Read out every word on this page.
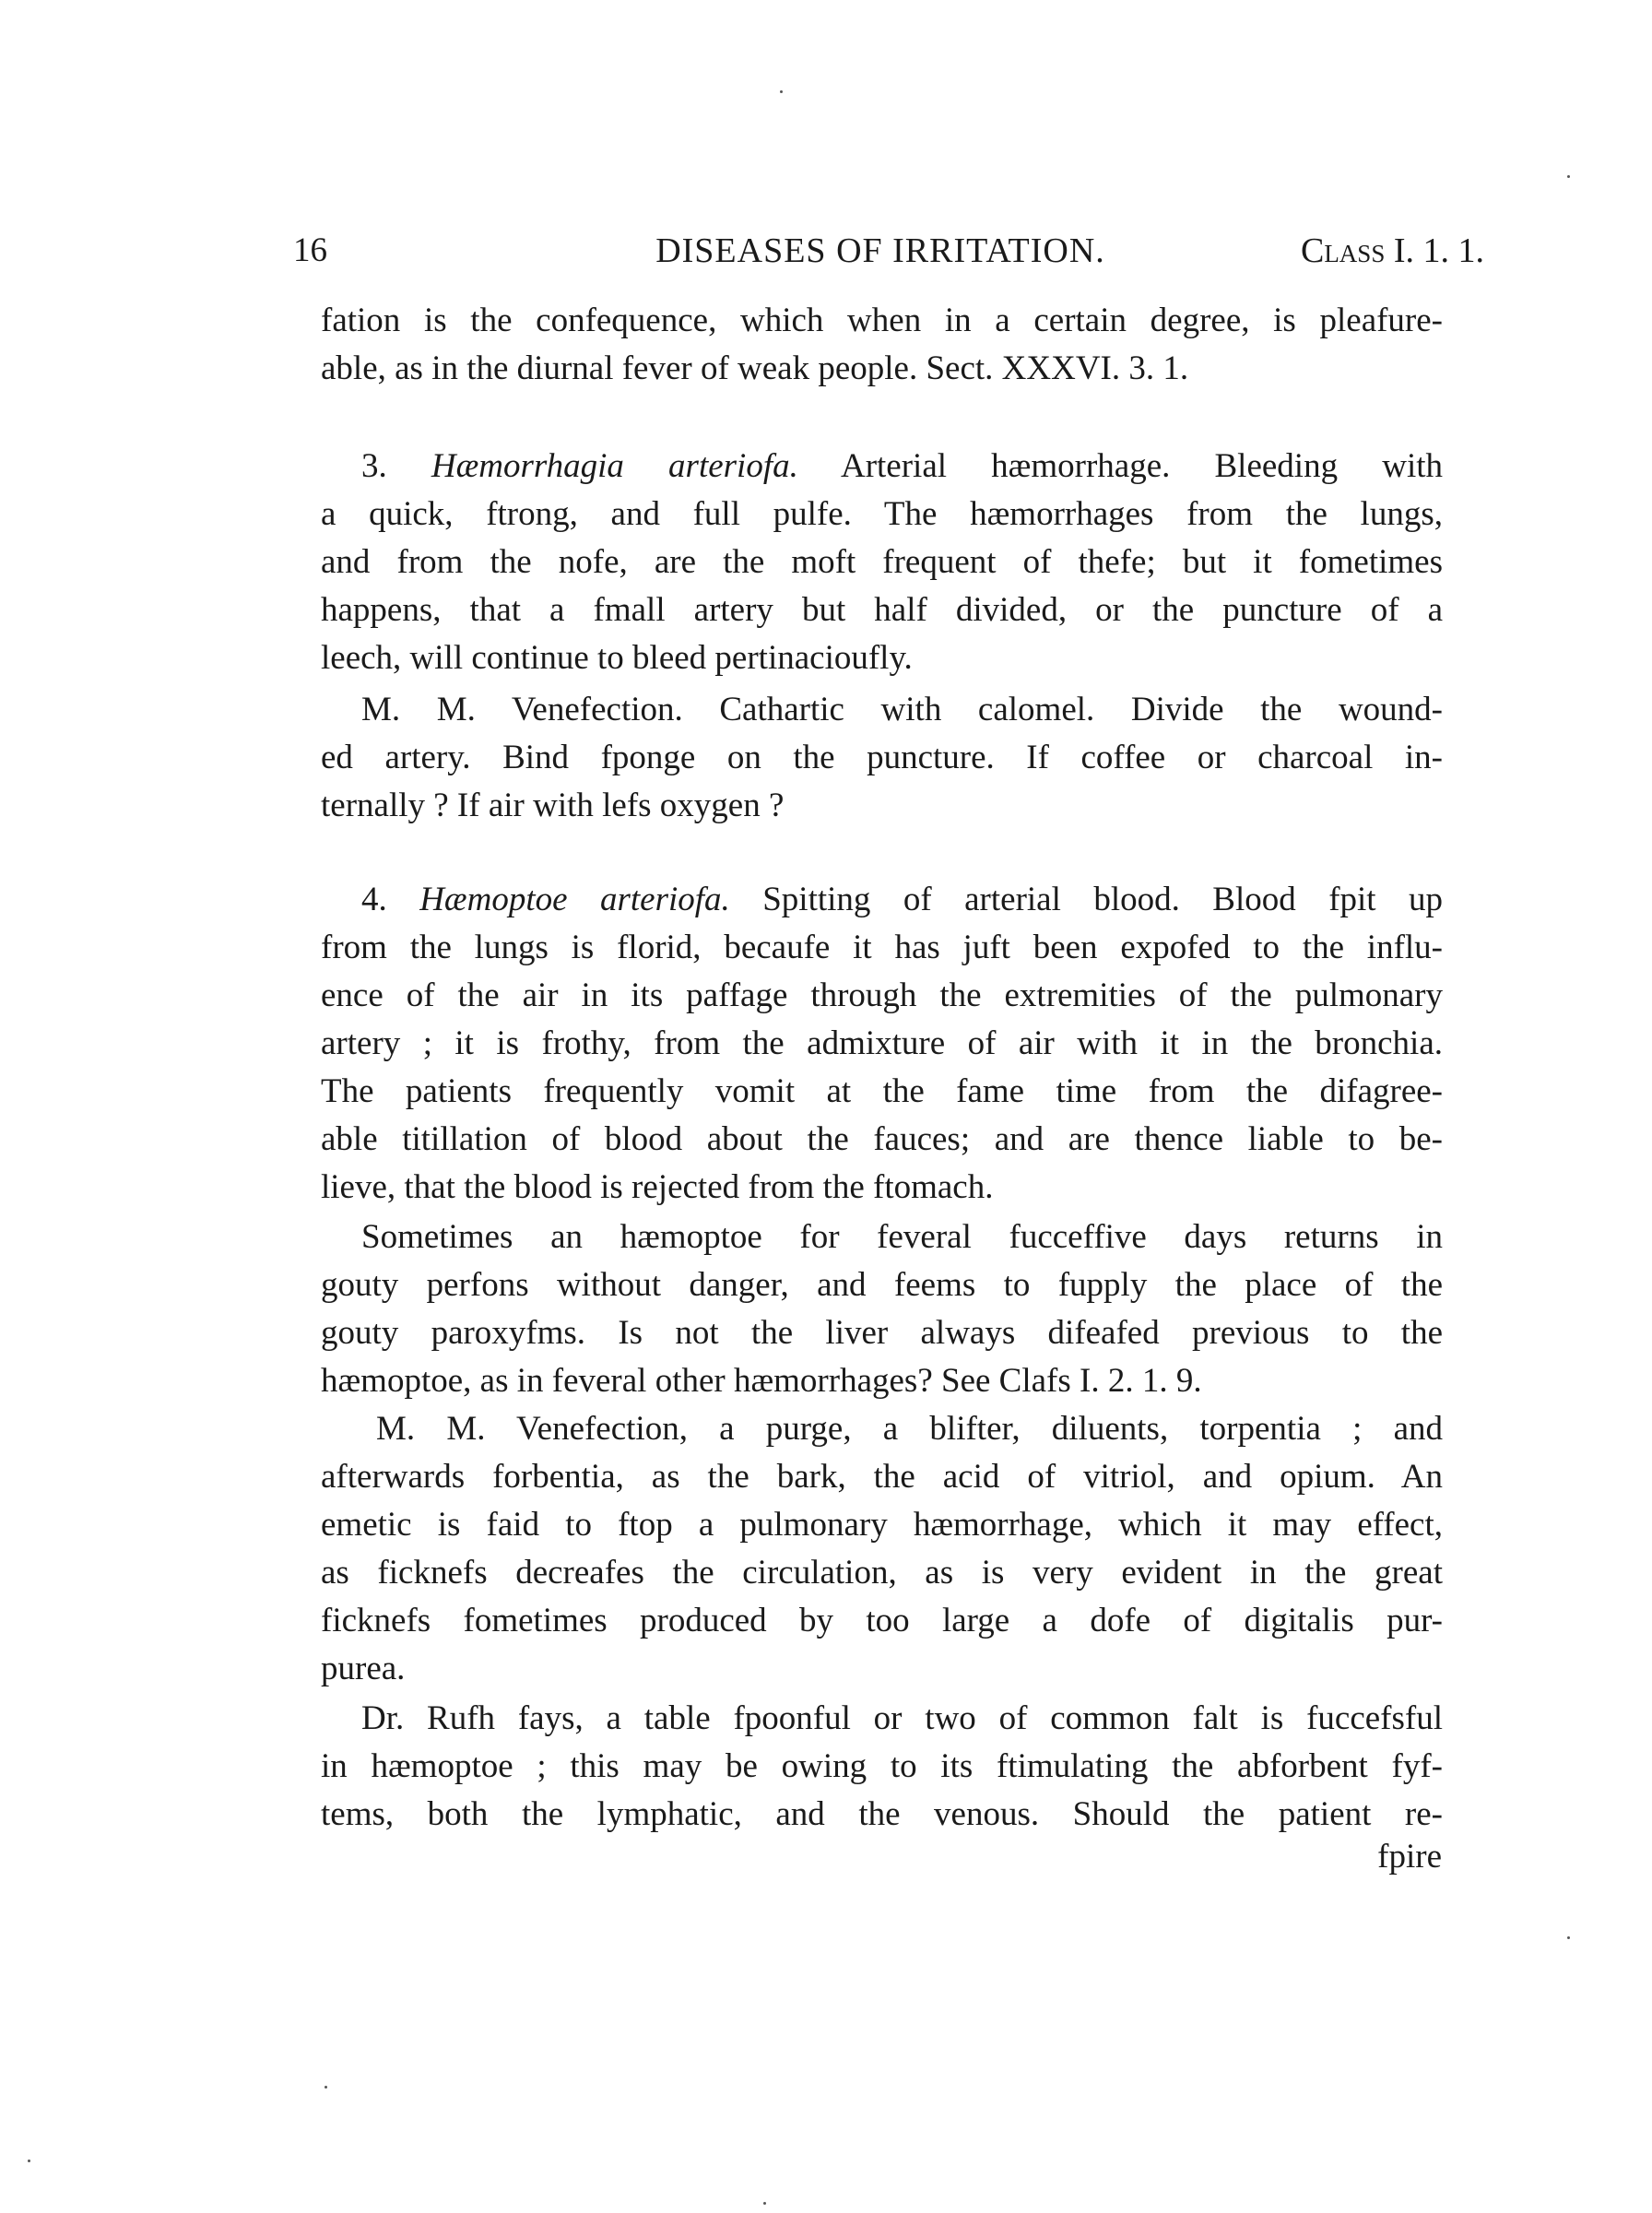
16	DISEASES OF IRRITATION.	Class I. 1. 1.
fation is the confequence, which when in a certain degree, is pleafure-
able, as in the diurnal fever of weak people. Sect. XXXVI. 3. 1.
3. Hæmorrhagia arteriofa. Arterial hæmorrhage. Bleeding with
a quick, ftrong, and full pulfe. The hæmorrhages from the lungs,
and from the nofe, are the moft frequent of thefe; but it fometimes
happens, that a fmall artery but half divided, or the puncture of a
leech, will continue to bleed pertinacioufly.
M. M. Venefection. Cathartic with calomel. Divide the wound-
ed artery. Bind fponge on the puncture. If coffee or charcoal in-
ternally ? If air with lefs oxygen ?
4. Hæmoptoe arteriofa. Spitting of arterial blood. Blood fpit up
from the lungs is florid, becaufe it has juft been expofed to the influ-
ence of the air in its paffage through the extremities of the pulmonary
artery ; it is frothy, from the admixture of air with it in the bronchia.
The patients frequently vomit at the fame time from the difagree-
able titillation of blood about the fauces; and are thence liable to be-
lieve, that the blood is rejected from the ftomach.
Sometimes an hæmoptoe for feveral fucceffive days returns in
gouty perfons without danger, and feems to fupply the place of the
gouty paroxyfms. Is not the liver always difeafed previous to the
hæmoptoe, as in feveral other hæmorrhages? See Clafs I. 2. 1. 9.
M. M. Venefection, a purge, a blifter, diluents, torpentia ; and
afterwards forbentia, as the bark, the acid of vitriol, and opium. An
emetic is faid to ftop a pulmonary hæmorrhage, which it may effect,
as ficknefs decreafes the circulation, as is very evident in the great
ficknefs fometimes produced by too large a dofe of digitalis pur-
purea.
Dr. Rufh fays, a table fpoonful or two of common falt is fuccefsful
in hæmoptoe ; this may be owing to its ftimulating the abforbent fyf-
tems, both the lymphatic, and the venous. Should the patient re-
fpire
